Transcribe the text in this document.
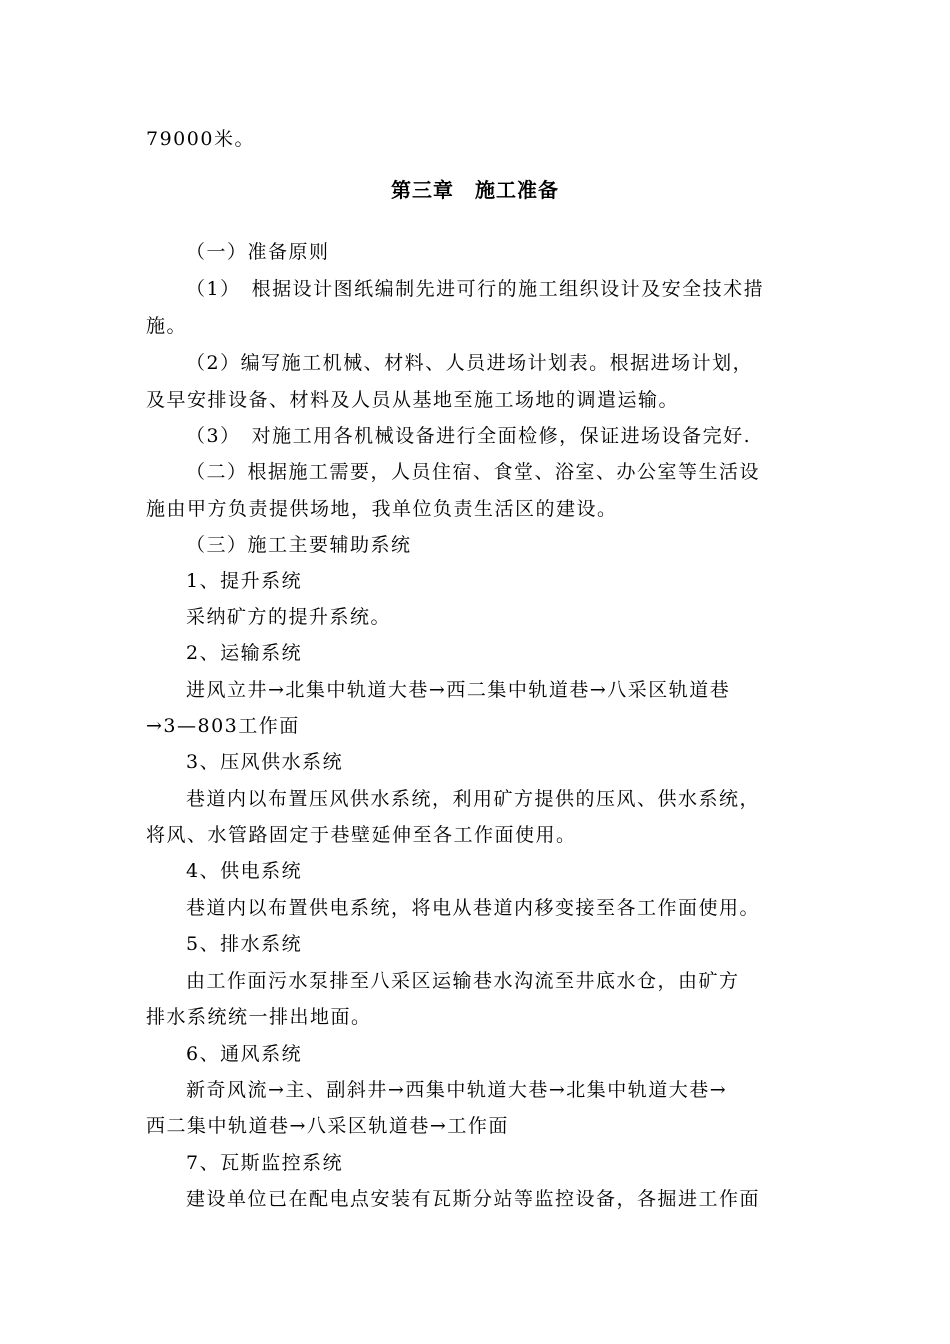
79000米。
第三章　施工准备
（一）准备原则
（1）　根据设计图纸编制先进可行的施工组织设计及安全技术措
施。
（2）编写施工机械、材料、人员进场计划表。根据进场计划，
及早安排设备、材料及人员从基地至施工场地的调遣运输。
（3）　对施工用各机械设备进行全面检修，保证进场设备完好.
（二）根据施工需要，人员住宿、食堂、浴室、办公室等生活设
施由甲方负责提供场地，我单位负责生活区的建设。
（三）施工主要辅助系统
1、提升系统
采纳矿方的提升系统。
2、运输系统
进风立井→北集中轨道大巷→西二集中轨道巷→八采区轨道巷
→3—803工作面
3、压风供水系统
巷道内以布置压风供水系统，利用矿方提供的压风、供水系统，
将风、水管路固定于巷壁延伸至各工作面使用。
4、供电系统
巷道内以布置供电系统，将电从巷道内移变接至各工作面使用。
5、排水系统
由工作面污水泵排至八采区运输巷水沟流至井底水仓，由矿方
排水系统统一排出地面。
6、通风系统
新奇风流→主、副斜井→西集中轨道大巷→北集中轨道大巷→
西二集中轨道巷→八采区轨道巷→工作面
7、瓦斯监控系统
建设单位已在配电点安装有瓦斯分站等监控设备，各掘进工作面
